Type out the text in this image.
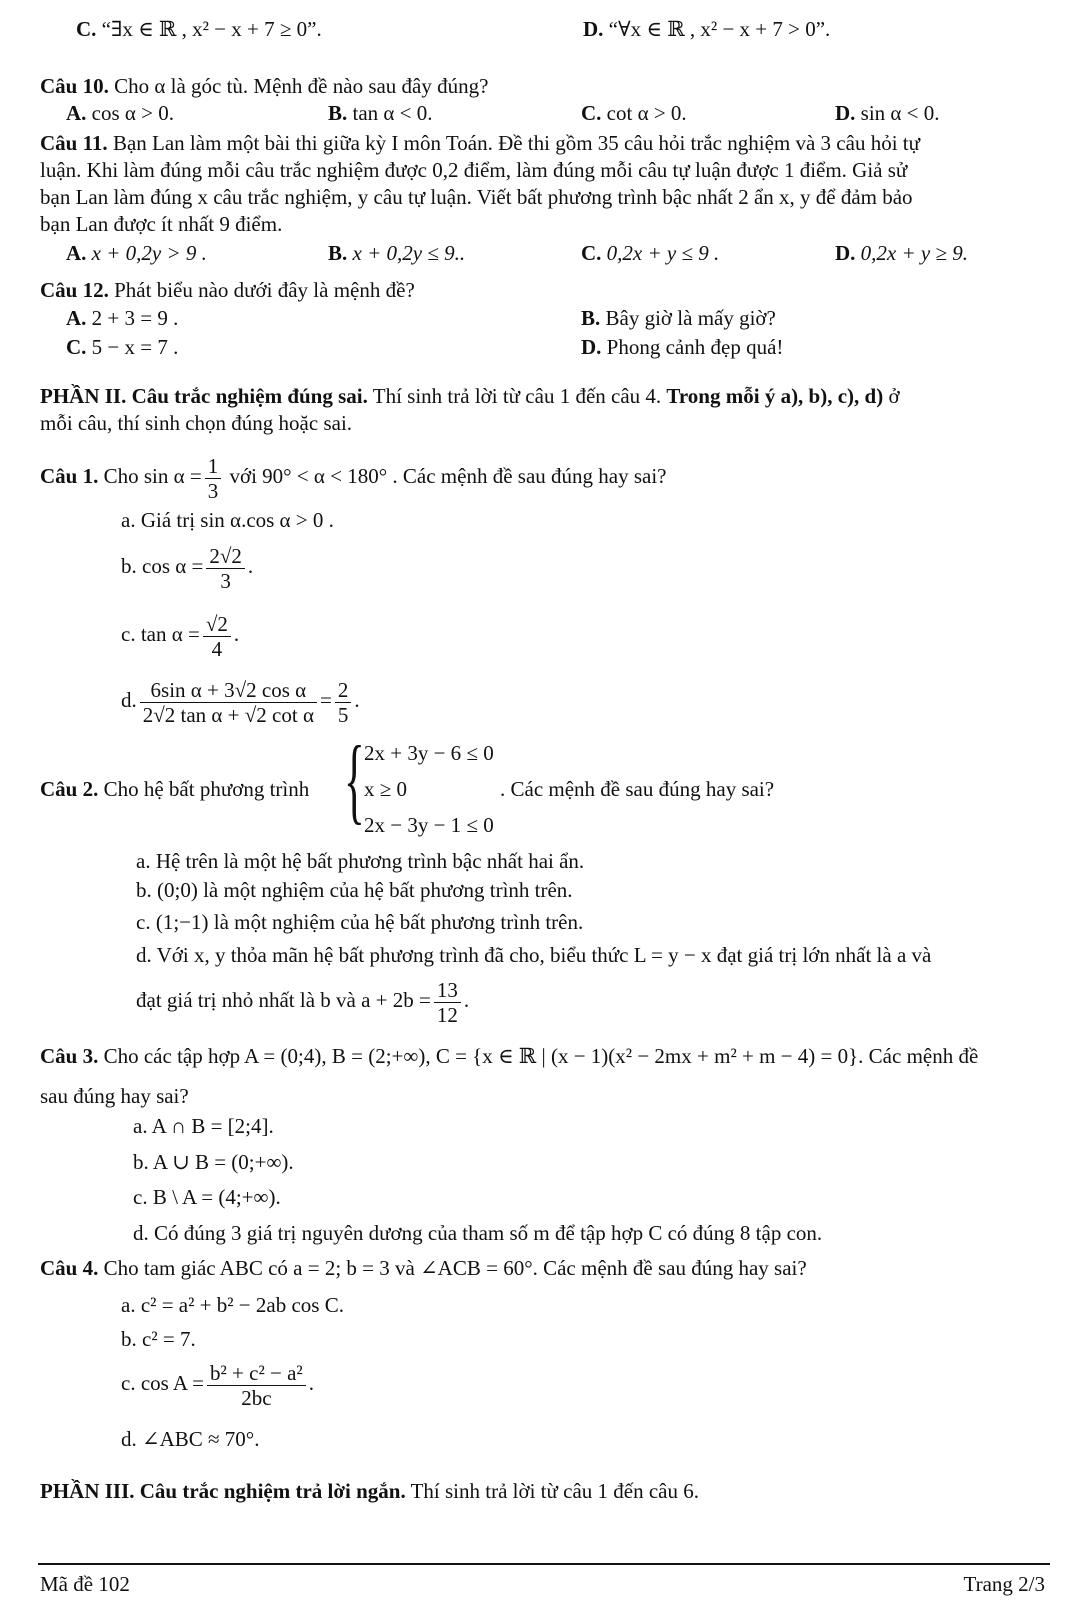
C. “∃x ∈ ℝ , x² − x + 7 ≥ 0”.	D. “∀x ∈ ℝ , x² − x + 7 > 0”.
Câu 10. Cho α là góc tù. Mệnh đề nào sau đây đúng?
A. cos α > 0.	B. tan α < 0.	C. cot α > 0.	D. sin α < 0.
Câu 11. Bạn Lan làm một bài thi giữa kỳ I môn Toán. Đề thi gồm 35 câu hỏi trắc nghiệm và 3 câu hỏi tự
luận. Khi làm đúng mỗi câu trắc nghiệm được 0,2 điểm, làm đúng mỗi câu tự luận được 1 điểm. Giả sử
bạn Lan làm đúng x câu trắc nghiệm, y câu tự luận. Viết bất phương trình bậc nhất 2 ẩn x, y để đảm bảo
bạn Lan được ít nhất 9 điểm.
A. x + 0,2y > 9 .	B. x + 0,2y ≤ 9..	C. 0,2x + y ≤ 9 .	D. 0,2x + y ≥ 9.
Câu 12. Phát biểu nào dưới đây là mệnh đề?
A. 2 + 3 = 9 .	B. Bây giờ là mấy giờ?
C. 5 − x = 7 .	D. Phong cảnh đẹp quá!
PHẦN II. Câu trắc nghiệm đúng sai. Thí sinh trả lời từ câu 1 đến câu 4. Trong mỗi ý a), b), c), d) ở
mỗi câu, thí sinh chọn đúng hoặc sai.
Câu 1. Cho $\sin \alpha = \frac{1}{3}$ với 90° < α < 180° . Các mệnh đề sau đúng hay sai?
a. Giá trị sin α.cos α > 0 .
b. $\cos \alpha = \frac{2√2}{3}$ .
c. $\tan \alpha = \frac{√2}{4}$ .
d. $\frac{\text{6sin α + 3√2 cos α}}{\text{2√2 tan α + √2 cot α}} = \frac{2}{5}$ .
Câu 2. Cho hệ bất phương trình { 2x + 3y − 6 ≤ 0
x ≥ 0
2x − 3y − 1 ≤ 0
. Các mệnh đề sau đúng hay sai?
a. Hệ trên là một hệ bất phương trình bậc nhất hai ẩn.
b. (0;0) là một nghiệm của hệ bất phương trình trên.
c. (1;−1) là một nghiệm của hệ bất phương trình trên.
d. Với x, y thỏa mãn hệ bất phương trình đã cho, biểu thức L = y − x đạt giá trị lớn nhất là a và
đạt giá trị nhỏ nhất là b và $a + 2b = \frac{13}{12}$ .
Câu 3. Cho các tập hợp A = (0;4), B = (2;+∞), C = {x ∈ ℝ | (x − 1)(x² − 2mx + m² + m − 4) = 0}. Các mệnh đề
sau đúng hay sai?
a. A ∩ B = [2;4].
b. A ∪ B = (0;+∞).
c. B \ A = (4;+∞).
d. Có đúng 3 giá trị nguyên dương của tham số m để tập hợp C có đúng 8 tập con.
Câu 4. Cho tam giác ABC có a = 2; b = 3 và ∠ACB = 60°. Các mệnh đề sau đúng hay sai?
a. c² = a² + b² − 2ab cos C.
b. c² = 7.
c. $\cos A = \frac{\text{b² + c² − a²}}{2bc}$ .
d. ∠ABC ≈ 70°.
PHẦN III. Câu trắc nghiệm trả lời ngắn. Thí sinh trả lời từ câu 1 đến câu 6.
Mã đề 102	Trang 2/3
